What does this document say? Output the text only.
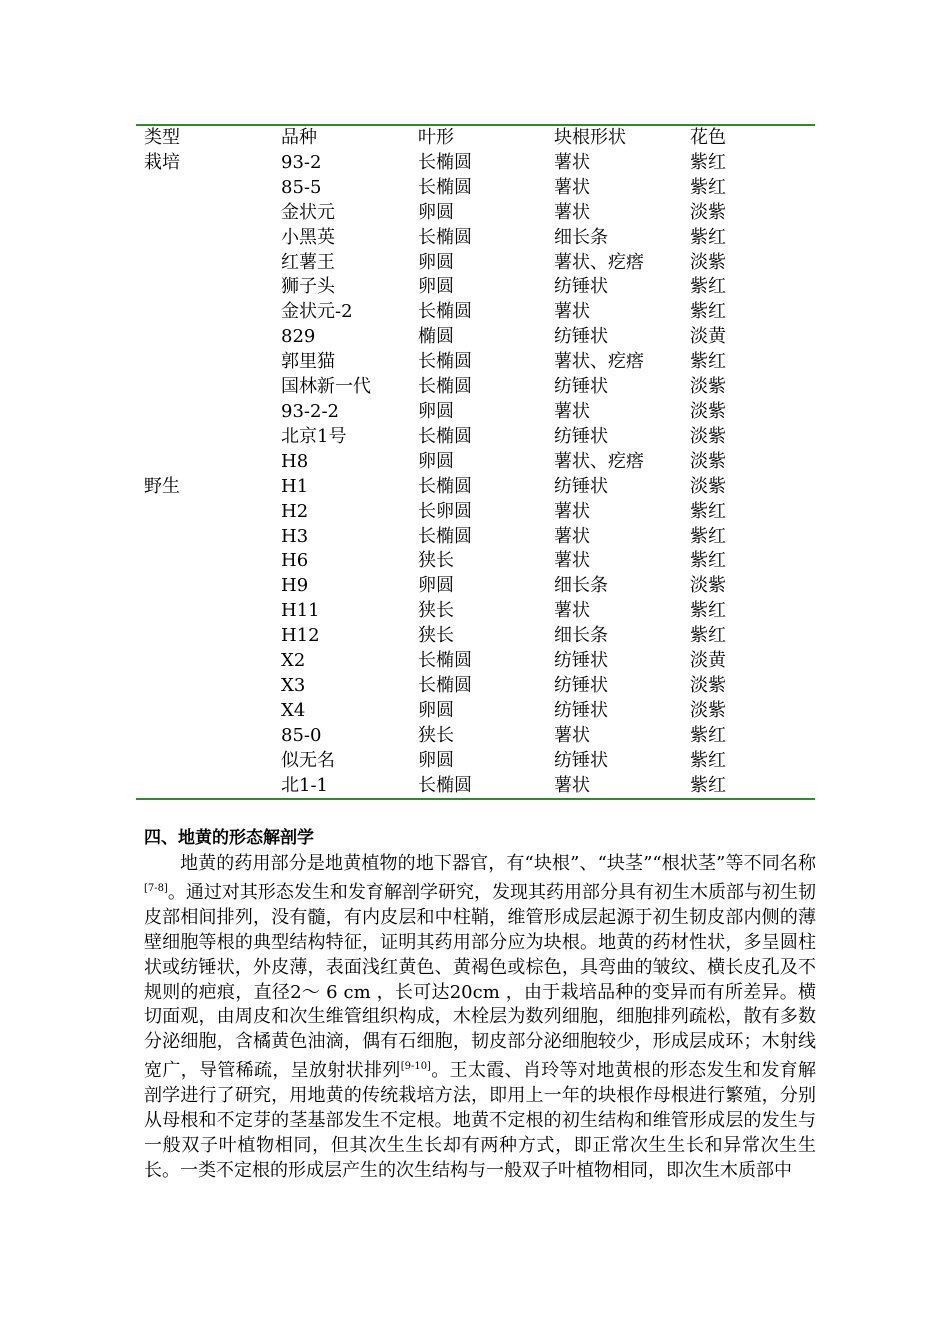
类型	品种	叶形	块根形状	花色
栽培	93-2	长椭圆	薯状	紫红
	85-5	长椭圆	薯状	紫红
	金状元	卵圆	薯状	淡紫
	小黑英	长椭圆	细长条	紫红
	红薯王	卵圆	薯状、疙瘩	淡紫
	狮子头	卵圆	纺锤状	紫红
	金状元-2	长椭圆	薯状	紫红
	829	椭圆	纺锤状	淡黄
	郭里猫	长椭圆	薯状、疙瘩	紫红
	国林新一代	长椭圆	纺锤状	淡紫
	93-2-2	卵圆	薯状	淡紫
	北京1号	长椭圆	纺锤状	淡紫
	H8	卵圆	薯状、疙瘩	淡紫
野生	H1	长椭圆	纺锤状	淡紫
	H2	长卵圆	薯状	紫红
	H3	长椭圆	薯状	紫红
	H6	狭长	薯状	紫红
	H9	卵圆	细长条	淡紫
	H11	狭长	薯状	紫红
	H12	狭长	细长条	紫红
	X2	长椭圆	纺锤状	淡黄
	X3	长椭圆	纺锤状	淡紫
	X4	卵圆	纺锤状	淡紫
	85-0	狭长	薯状	紫红
	似无名	卵圆	纺锤状	紫红
	北1-1	长椭圆	薯状	紫红

四、地黄的形态解剖学

地黄的药用部分是地黄植物的地下器官，有“块根”、“块茎”“根状茎”等不同名称[7-8]。通过对其形态发生和发育解剖学研究，发现其药用部分具有初生木质部与初生韧皮部相间排列，没有髓，有内皮层和中柱鞘，维管形成层起源于初生韧皮部内侧的薄壁细胞等根的典型结构特征，证明其药用部分应为块根。地黄的药材性状，多呈圆柱状或纺锤状，外皮薄，表面浅红黄色、黄褐色或棕色，具弯曲的皱纹、横长皮孔及不规则的疤痕，直径2～ 6 cm ，长可达20cm ，由于栽培品种的变异而有所差异。横切面观，由周皮和次生维管组织构成，木栓层为数列细胞，细胞排列疏松，散有多数分泌细胞，含橘黄色油滴，偶有石细胞，韧皮部分泌细胞较少，形成层成环；木射线宽广，导管稀疏，呈放射状排列[9-10]。王太霞、肖玲等对地黄根的形态发生和发育解剖学进行了研究，用地黄的传统栽培方法，即用上一年的块根作母根进行繁殖，分别从母根和不定芽的茎基部发生不定根。地黄不定根的初生结构和维管形成层的发生与一般双子叶植物相同，但其次生生长却有两种方式，即正常次生生长和异常次生生长。一类不定根的形成层产生的次生结构与一般双子叶植物相同，即次生木质部中
